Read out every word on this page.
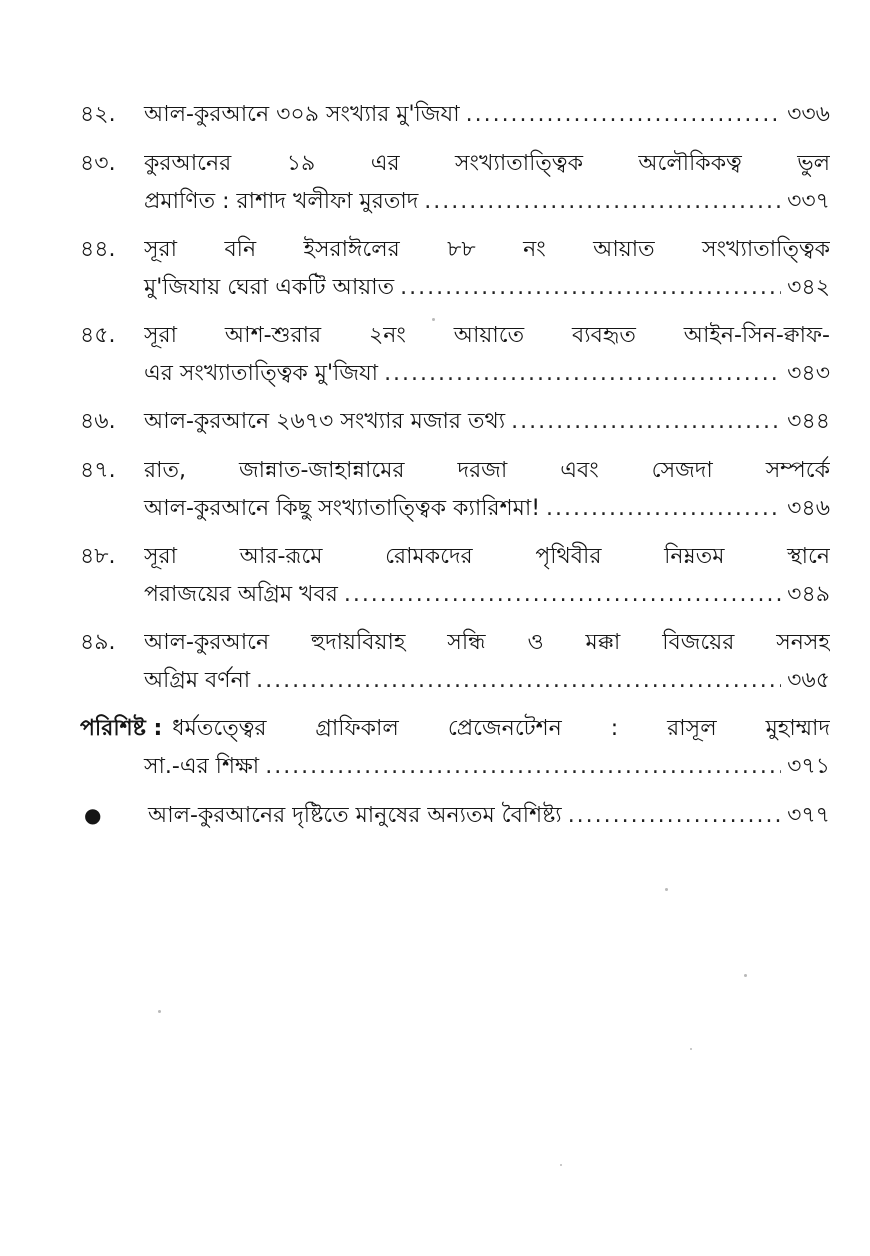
৪২.	আল-কুরআনে ৩০৯ সংখ্যার মু'জিযা .....	৩৩৬
৪৩.	কুরআনের ১৯ এর সংখ্যাতাত্ত্বিক অলৌকিকত্ব ভুল
প্রমাণিত : রাশাদ খলীফা মুরতাদ .....	৩৩৭
৪৪.	সূরা বনি ইসরাঈলের ৮৮ নং আয়াত সংখ্যাতাত্ত্বিক
মু'জিযায় ঘেরা একটি আয়াত .....	৩৪২
৪৫.	সূরা আশ-শুরার ২নং আয়াতে ব্যবহৃত আইন-সিন-ক্বাফ-
এর সংখ্যাতাত্ত্বিক মু'জিযা .....	৩৪৩
৪৬.	আল-কুরআনে ২৬৭৩ সংখ্যার মজার তথ্য .....	৩৪৪
৪৭.	রাত, জান্নাত-জাহান্নামের দরজা এবং সেজদা সম্পর্কে
আল-কুরআনে কিছু সংখ্যাতাত্ত্বিক ক্যারিশমা! .....	৩৪৬
৪৮.	সূরা আর-রূমে রোমকদের পৃথিবীর নিম্নতম স্থানে
পরাজয়ের অগ্রিম খবর .....	৩৪৯
৪৯.	আল-কুরআনে হুদায়বিয়াহ সন্ধি ও মক্কা বিজয়ের সনসহ
অগ্রিম বর্ণনা .....	৩৬৫
পরিশিষ্ট : ধর্মতত্ত্বের গ্রাফিকাল প্রেজেনটেশন : রাসূল মুহাম্মাদ
সা.-এর শিক্ষা .....	৩৭১
●	আল-কুরআনের দৃষ্টিতে মানুষের অন্যতম বৈশিষ্ট্য .....	৩৭৭
